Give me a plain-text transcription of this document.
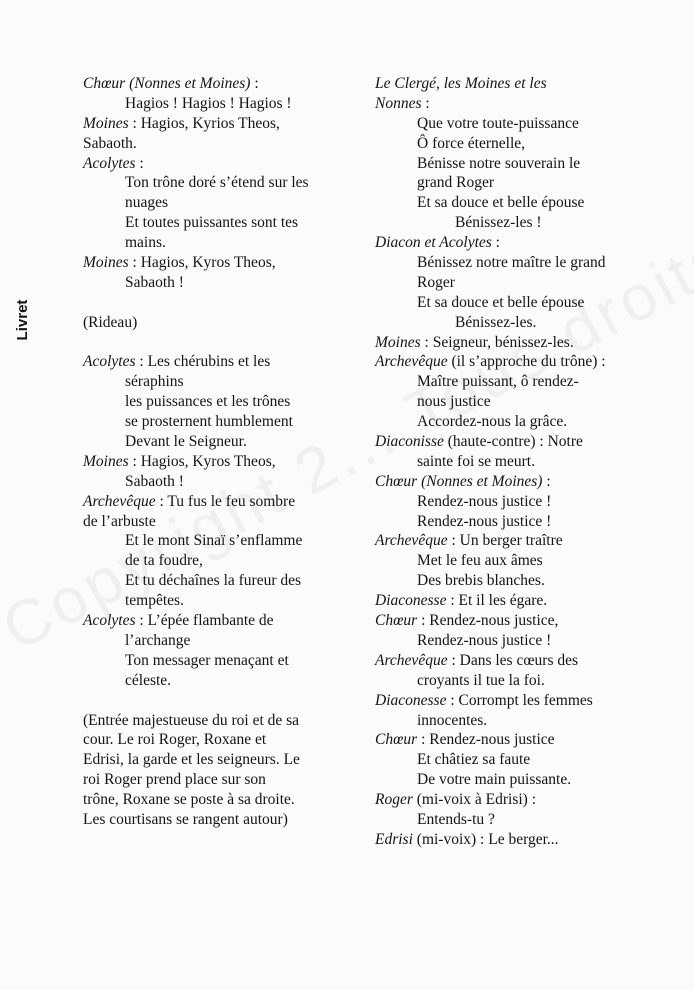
Livret
Chœur (Nonnes et Moines) :
Hagios ! Hagios ! Hagios !
Moines : Hagios, Kyrios Theos,
Sabaoth.
Acolytes :
Ton trône doré s’étend sur les
nuages
Et toutes puissantes sont tes
mains.
Moines : Hagios, Kyros Theos,
Sabaoth !
(Rideau)
Acolytes : Les chérubins et les
séraphins
les puissances et les trônes
se prosternent humblement
Devant le Seigneur.
Moines : Hagios, Kyros Theos,
Sabaoth !
Archevêque : Tu fus le feu sombre
de l’arbuste
Et le mont Sinaï s’enflamme
de ta foudre,
Et tu déchaînes la fureur des
tempêtes.
Acolytes : L’épée flambante de
l’archange
Ton messager menaçant et
céleste.
(Entrée majestueuse du roi et de sa
cour. Le roi Roger, Roxane et
Edrisi, la garde et les seigneurs. Le
roi Roger prend place sur son
trône, Roxane se poste à sa droite.
Les courtisans se rangent autour)
Le Clergé, les Moines et les
Nonnes :
Que votre toute-puissance
Ô force éternelle,
Bénisse notre souverain le
grand Roger
Et sa douce et belle épouse
Bénissez-les !
Diacon et Acolytes :
Bénissez notre maître le grand
Roger
Et sa douce et belle épouse
Bénissez-les.
Moines : Seigneur, bénissez-les.
Archevêque (il s’approche du trône) :
Maître puissant, ô rendez-
nous justice
Accordez-nous la grâce.
Diaconisse (haute-contre) : Notre
sainte foi se meurt.
Chœur (Nonnes et Moines) :
Rendez-nous justice !
Rendez-nous justice !
Archevêque : Un berger traître
Met le feu aux âmes
Des brebis blanches.
Diaconesse : Et il les égare.
Chœur : Rendez-nous justice,
Rendez-nous justice !
Archevêque : Dans les cœurs des
croyants il tue la foi.
Diaconesse : Corrompt les femmes
innocentes.
Chœur : Rendez-nous justice
Et châtiez sa faute
De votre main puissante.
Roger (mi-voix à Edrisi) :
Entends-tu ?
Edrisi (mi-voix) : Le berger...
